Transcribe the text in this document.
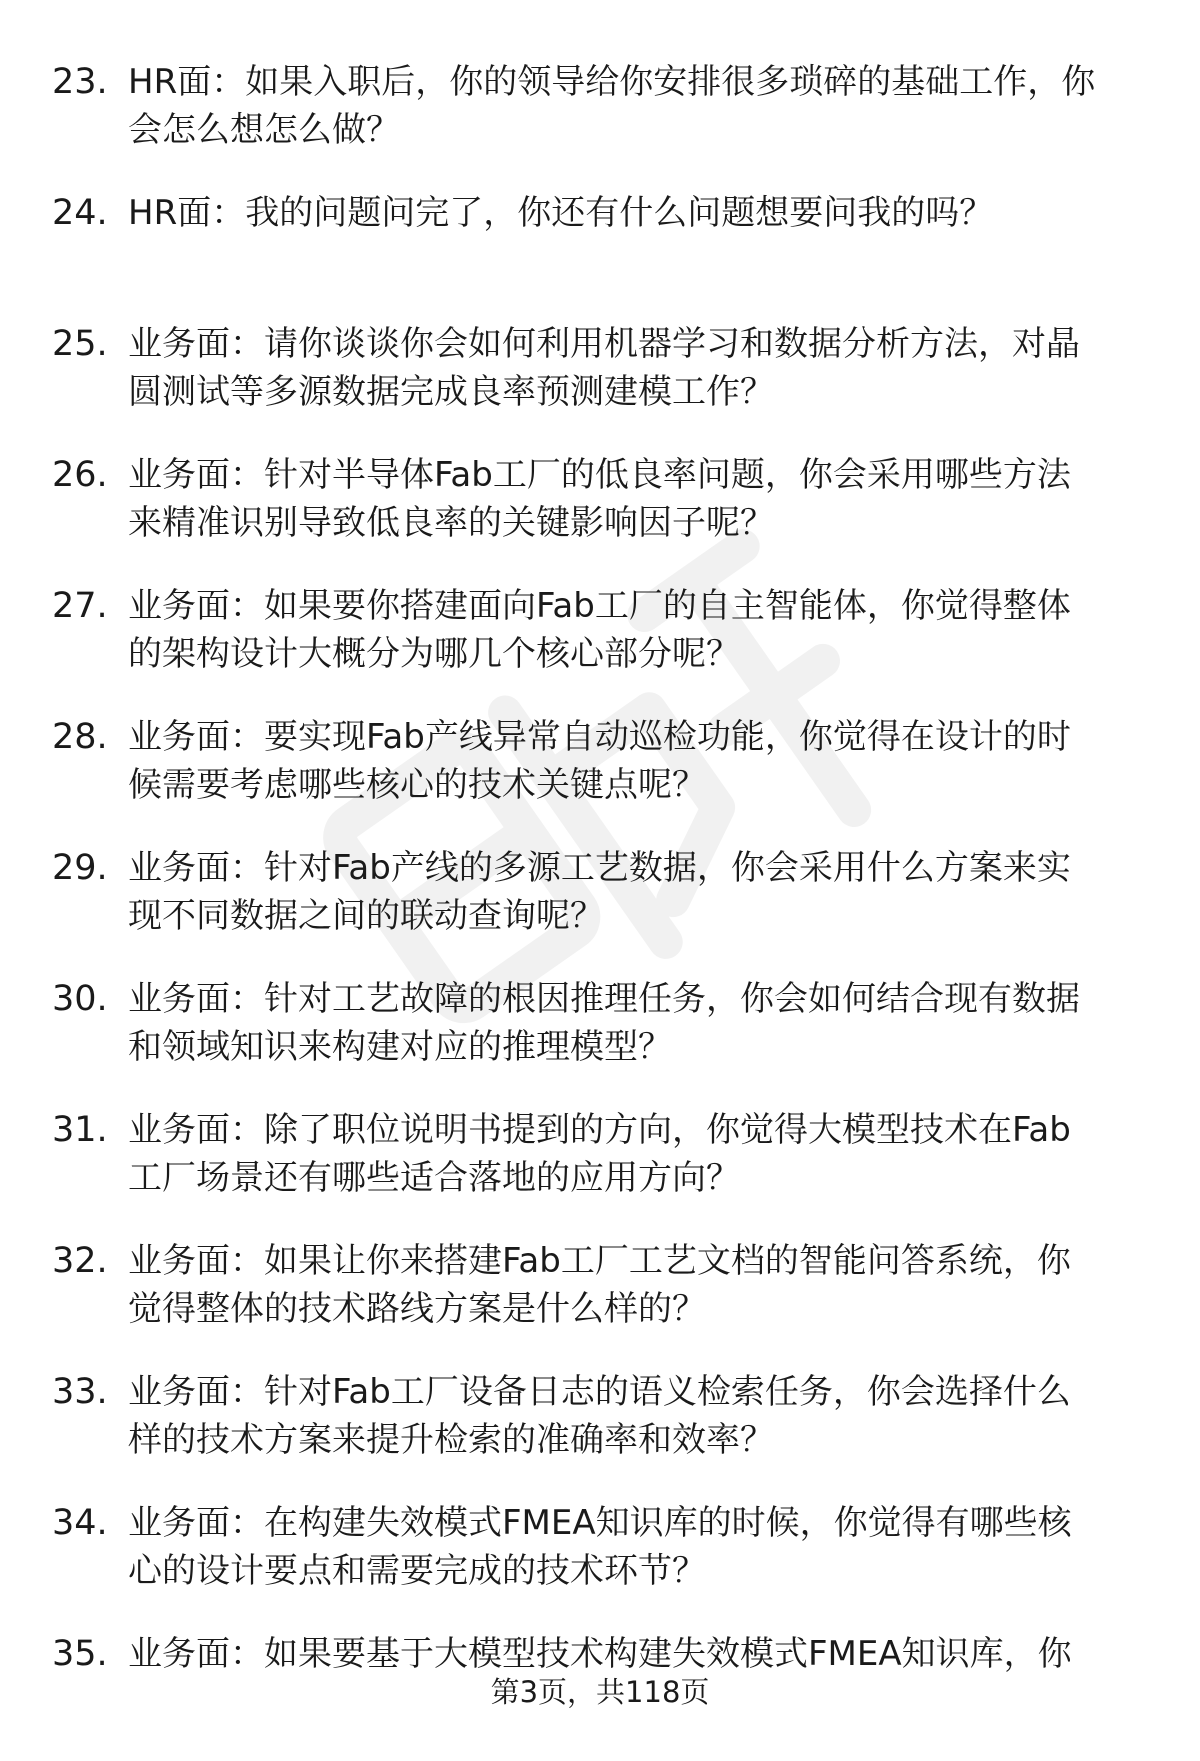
23. HR面：如果入职后，你的领导给你安排很多琐碎的基础工作，你
会怎么想怎么做？
24. HR面：我的问题问完了，你还有什么问题想要问我的吗？
25. 业务面：请你谈谈你会如何利用机器学习和数据分析方法，对晶
圆测试等多源数据完成良率预测建模工作？
26. 业务面：针对半导体Fab工厂的低良率问题，你会采用哪些方法
来精准识别导致低良率的关键影响因子呢？
27. 业务面：如果要你搭建面向Fab工厂的自主智能体，你觉得整体
的架构设计大概分为哪几个核心部分呢？
28. 业务面：要实现Fab产线异常自动巡检功能，你觉得在设计的时
候需要考虑哪些核心的技术关键点呢？
29. 业务面：针对Fab产线的多源工艺数据，你会采用什么方案来实
现不同数据之间的联动查询呢？
30. 业务面：针对工艺故障的根因推理任务，你会如何结合现有数据
和领域知识来构建对应的推理模型？
31. 业务面：除了职位说明书提到的方向，你觉得大模型技术在Fab
工厂场景还有哪些适合落地的应用方向？
32. 业务面：如果让你来搭建Fab工厂工艺文档的智能问答系统，你
觉得整体的技术路线方案是什么样的？
33. 业务面：针对Fab工厂设备日志的语义检索任务，你会选择什么
样的技术方案来提升检索的准确率和效率？
34. 业务面：在构建失效模式FMEA知识库的时候，你觉得有哪些核
心的设计要点和需要完成的技术环节？
35. 业务面：如果要基于大模型技术构建失效模式FMEA知识库，你
第3页，共118页
